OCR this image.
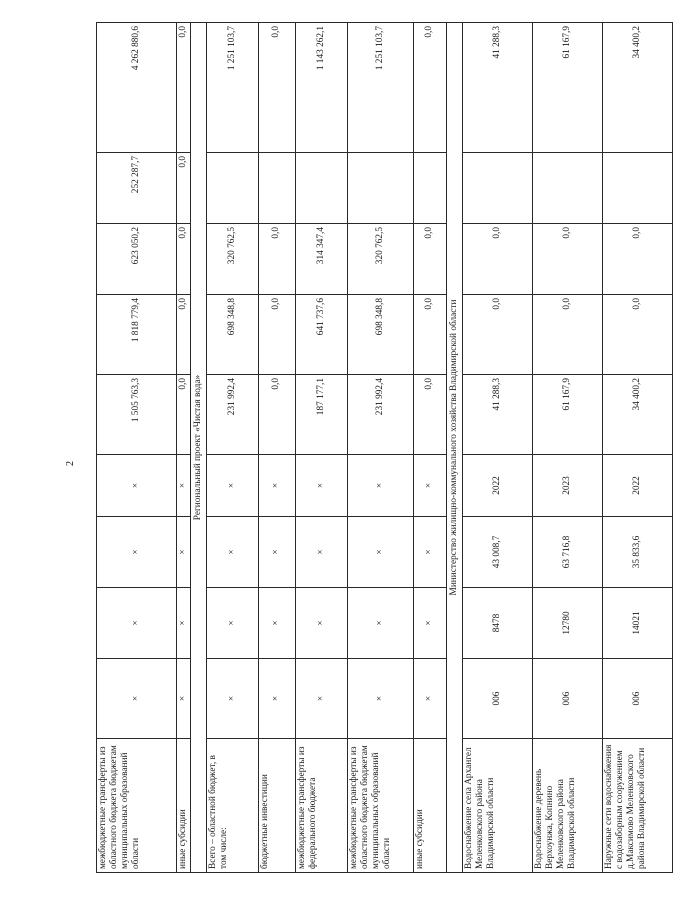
2
межбюджетные трансферты из областного бюджета бюджетам муниципальных образований области	×	×	×	×	1 505 763,3	1 818 779,4	623 050,2	252 287,7	4 262 880,6
иные субсидии	×	×	×	×	0,0	0,0	0,0	0,0	0,0
Региональный проект «Чистая вода»									
Всего – областной бюджет, в том числе:	×	×	×	×	231 992,4	698 348,8	320 762,5		1 251 103,7
бюджетные инвестиции	×	×	×	×	0,0	0,0	0,0		0,0
межбюджетные трансферты из федерального бюджета	×	×	×	×	187 177,1	641 737,6	314 347,4		1 143 262,1
межбюджетные трансферты из областного бюджета бюджетам муниципальных образований области	×	×	×	×	231 992,4	698 348,8	320 762,5		1 251 103,7
иные субсидии	×	×	×	×	0,0	0,0	0,0		0,0
Министерство жилищно-коммунального хозяйства Владимирской области									
Водоснабжение села Архангел Меленковского района Владимирской области	006	8478	43 008,7	2022	41 288,3	0,0	0,0		41 288,3
Водоснабжение деревень Верхоунжа, Копнино Меленковского района Владимирской области	006	12780	63 716,8	2023	61 167,9	0,0	0,0		61 167,9
Наружные сети водоснабжения с водозаборным сооружением д.Максимово Меленковского района Владимирской области	006	14021	35 833,6	2022	34 400,2	0,0	0,0		34 400,2
